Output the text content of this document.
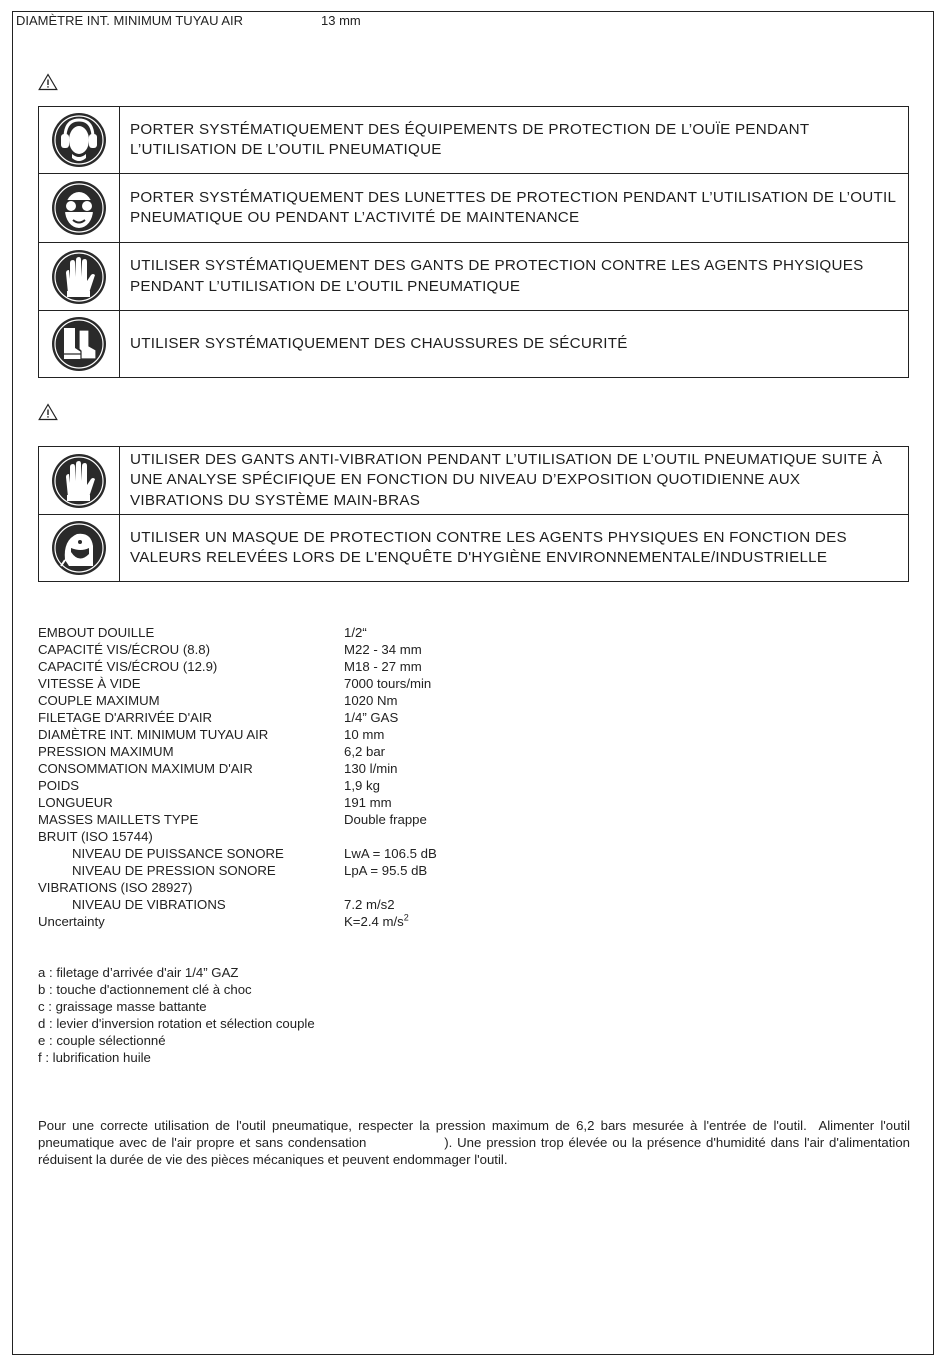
DIAMÈTRE INT. MINIMUM TUYAU AIR	13 mm
	PORTER SYSTÉMATIQUEMENT DES ÉQUIPEMENTS DE PROTECTION DE L’OUÏE PENDANT L’UTILISATION DE L’OUTIL PNEUMATIQUE

	PORTER SYSTÉMATIQUEMENT DES LUNETTES DE PROTECTION PENDANT L’UTILISATION DE L’OUTIL PNEUMATIQUE OU PENDANT L’ACTIVITÉ DE MAINTENANCE

	UTILISER SYSTÉMATIQUEMENT DES GANTS DE PROTECTION CONTRE LES AGENTS PHYSIQUES PENDANT L’UTILISATION DE L’OUTIL PNEUMATIQUE

	UTILISER SYSTÉMATIQUEMENT DES CHAUSSURES DE SÉCURITÉ
	UTILISER DES GANTS ANTI-VIBRATION PENDANT L’UTILISATION DE L’OUTIL PNEUMATIQUE SUITE À UNE ANALYSE SPÉCIFIQUE EN FONCTION DU NIVEAU D’EXPOSITION QUOTIDIENNE AUX VIBRATIONS DU SYSTÈME MAIN-BRAS

	UTILISER UN MASQUE DE PROTECTION CONTRE LES AGENTS PHYSIQUES EN FONCTION DES VALEURS RELEVÉES LORS DE L'ENQUÊTE D'HYGIÈNE ENVIRONNEMENTALE/INDUSTRIELLE
EMBOUT DOUILLE	1/2“
CAPACITÉ VIS/ÉCROU (8.8)	M22 - 34 mm
CAPACITÉ VIS/ÉCROU (12.9)	M18 - 27 mm
VITESSE À VIDE	7000 tours/min
COUPLE MAXIMUM	1020 Nm
FILETAGE D'ARRIVÉE D'AIR	1/4” GAS
DIAMÈTRE INT. MINIMUM TUYAU AIR	10 mm
PRESSION MAXIMUM	6,2 bar
CONSOMMATION MAXIMUM D'AIR	130 l/min
POIDS	1,9 kg
LONGUEUR	191 mm
MASSES MAILLETS TYPE	Double frappe
BRUIT (ISO 15744)
NIVEAU DE PUISSANCE SONORE	LwA = 106.5 dB
NIVEAU DE PRESSION SONORE	LpA = 95.5 dB
VIBRATIONS (ISO 28927)
NIVEAU DE VIBRATIONS	7.2 m/s2
Uncertainty	K=2.4 $m/s^2$
a : filetage d’arrivée d'air 1/4” GAZ
b : touche d'actionnement clé à choc
c : graissage masse battante
d : levier d'inversion rotation et sélection couple
e : couple sélectionné
f : lubrification huile
Pour une correcte utilisation de l'outil pneumatique, respecter la pression maximum de 6,2 bars mesurée à l'entrée de l'outil.  Alimenter l'outil pneumatique avec de l'air propre et sans condensation                ). Une pression trop élevée ou la présence d'humidité dans l'air d'alimentation réduisent la durée de vie des pièces mécaniques et peuvent endommager l'outil.
